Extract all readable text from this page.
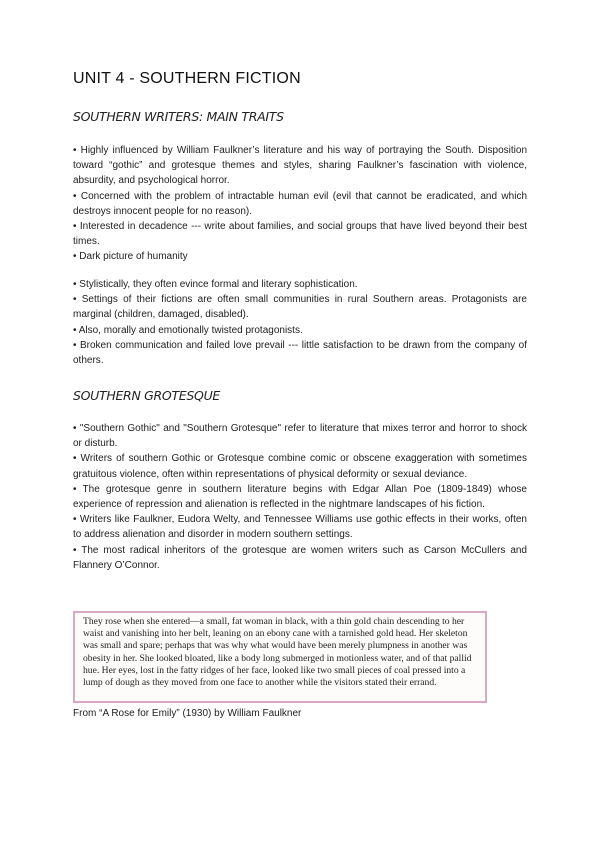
UNIT 4 - SOUTHERN FICTION
SOUTHERN WRITERS: MAIN TRAITS

• Highly influenced by William Faulkner’s literature and his way of portraying the South. Disposition toward “gothic” and grotesque themes and styles, sharing Faulkner’s fascination with violence, absurdity, and psychological horror.

• Concerned with the problem of intractable human evil (evil that cannot be eradicated, and which destroys innocent people for no reason).

• Interested in decadence --- write about families, and social groups that have lived beyond their best times.

• Dark picture of humanity

• Stylistically, they often evince formal and literary sophistication.

• Settings of their fictions are often small communities in rural Southern areas. Protagonists are marginal (children, damaged, disabled).

• Also, morally and emotionally twisted protagonists.

• Broken communication and failed love prevail --- little satisfaction to be drawn from the company of others.

SOUTHERN GROTESQUE

• "Southern Gothic" and "Southern Grotesque" refer to literature that mixes terror and horror to shock or disturb.

• Writers of southern Gothic or Grotesque combine comic or obscene exaggeration with sometimes gratuitous violence, often within representations of physical deformity or sexual deviance.

• The grotesque genre in southern literature begins with Edgar Allan Poe (1809-1849) whose experience of repression and alienation is reflected in the nightmare landscapes of his fiction.

• Writers like Faulkner, Eudora Welty, and Tennessee Williams use gothic effects in their works, often to address alienation and disorder in modern southern settings.

• The most radical inheritors of the grotesque are women writers such as Carson McCullers and Flannery O’Connor.

They rose when she entered—a small, fat woman in black, with a thin gold chain descending to her waist and vanishing into her belt, leaning on an ebony cane with a tarnished gold head. Her skeleton was small and spare; perhaps that was why what would have been merely plumpness in another was obesity in her. She looked bloated, like a body long submerged in motionless water, and of that pallid hue. Her eyes, lost in the fatty ridges of her face, looked like two small pieces of coal pressed into a lump of dough as they moved from one face to another while the visitors stated their errand.
From “A Rose for Emily” (1930) by William Faulkner
